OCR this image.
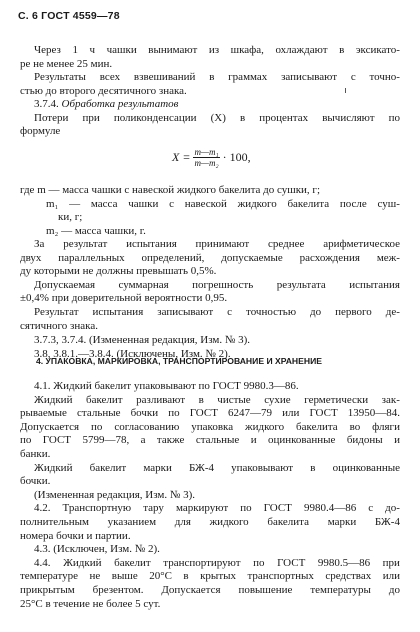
С. 6 ГОСТ 4559—78
Через 1 ч чашки вынимают из шкафа, охлаждают в эксикато-
ре не менее 25 мин.
Результаты всех взвешиваний в граммах записывают с точно-
стью до второго десятичного знака.
3.7.4. Обработка результатов
Потери при поликонденсации (X) в процентах вычисляют по
формуле
$X = \frac{\text{m—m₁}}{\text{m—m₂}} \cdot 100$,
где m — масса чашки с навеской жидкого бакелита до сушки, г;
m₁ — масса чашки с навеской жидкого бакелита после суш-
ки, г;
m₂ — масса чашки, г.
За результат испытания принимают среднее арифметическое
двух параллельных определений, допускаемые расхождения меж-
ду которыми не должны превышать 0,5%.
Допускаемая суммарная погрешность результата испытания
±0,4% при доверительной вероятности 0,95.
Результат испытания записывают с точностью до первого де-
сятичного знака.
3.7.3, 3.7.4. (Измененная редакция, Изм. № 3).
3.8, 3.8.1.—3.8.4. (Исключены, Изм. № 2).
4. УПАКОВКА, МАРКИРОВКА, ТРАНСПОРТИРОВАНИЕ И ХРАНЕНИЕ
4.1. Жидкий бакелит упаковывают по ГОСТ 9980.3—86.
Жидкий бакелит разливают в чистые сухие герметически зак-
рываемые стальные бочки по ГОСТ 6247—79 или ГОСТ 13950—84.
Допускается по согласованию упаковка жидкого бакелита во фляги
по ГОСТ 5799—78, а также стальные и оцинкованные бидоны и
банки.
Жидкий бакелит марки БЖ-4 упаковывают в оцинкованные
бочки.
(Измененная редакция, Изм. № 3).
4.2. Транспортную тару маркируют по ГОСТ 9980.4—86 с до-
полнительным указанием для жидкого бакелита марки БЖ-4
номера бочки и партии.
4.3. (Исключен, Изм. № 2).
4.4. Жидкий бакелит транспортируют по ГОСТ 9980.5—86 при
температуре не выше 20°C в крытых транспортных средствах или
прикрытым брезентом. Допускается повышение температуры до
25°C в течение не более 5 сут.
